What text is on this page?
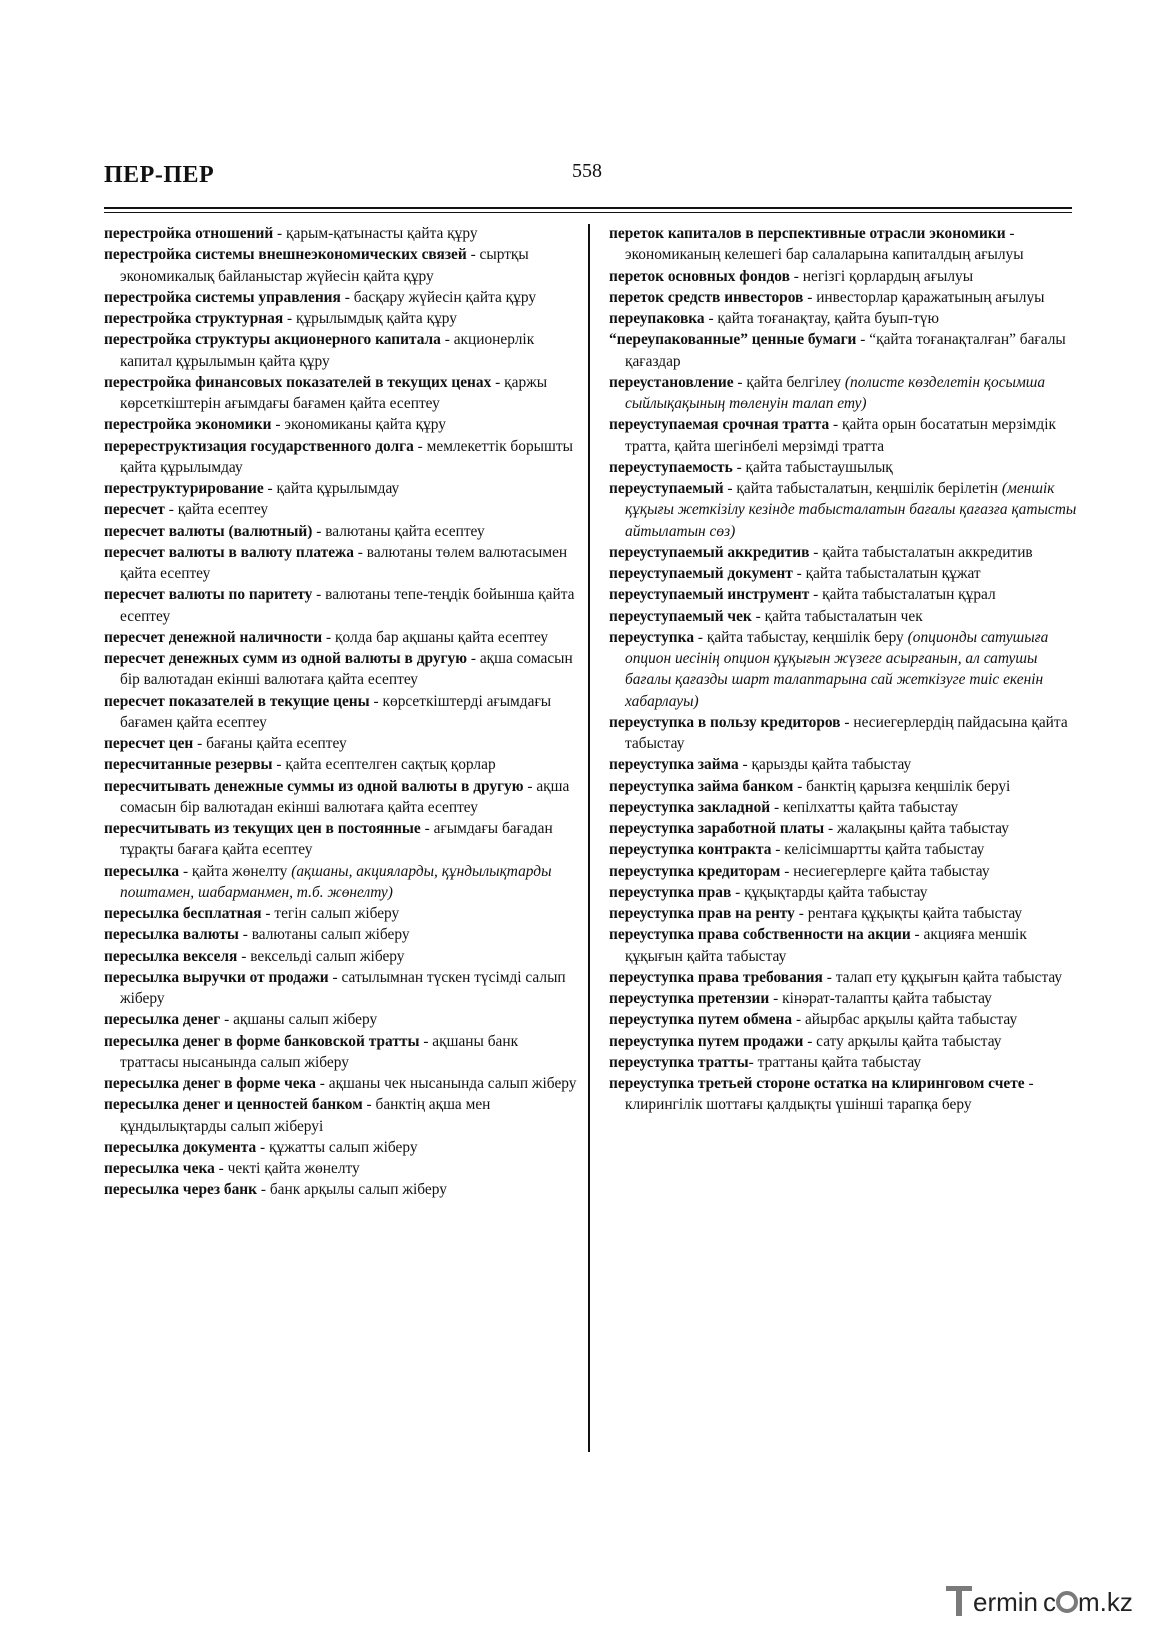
ПЕР-ПЕР	558

перестройка отношений - қарым-қатынасты қайта құру

перестройка системы внешнеэкономических связей - сыртқы экономикалық байланыстар жүйесін қайта құру

перестройка системы управления - басқару жүйесін қайта құру

перестройка структурная - құрылымдық қайта құру

перестройка структуры акционерного капитала - акционерлік капитал құрылымын қайта құру

перестройка финансовых показателей в текущих ценах - қаржы көрсеткіштерін ағымдағы бағамен қайта есептеу

перестройка экономики - экономиканы қайта құру

перереструктизация государственного долга - мемлекеттік борышты қайта құрылымдау

переструктурирование - қайта құрылымдау

пересчет - қайта есептеу

пересчет валюты (валютный) - валютаны қайта есептеу

пересчет валюты в валюту платежа - валютаны төлем валютасымен қайта есептеу

пересчет валюты по паритету - валютаны тепе-теңдік бойынша қайта есептеу

пересчет денежной наличности - қолда бар ақшаны қайта есептеу

пересчет денежных сумм из одной валюты в другую - ақша сомасын бір валютадан екінші валютаға қайта есептеу

пересчет показателей в текущие цены - көрсеткіштерді ағымдағы бағамен қайта есептеу

пересчет цен - бағаны қайта есептеу

пересчитанные резервы - қайта есептелген сақтық қорлар

пересчитывать денежные суммы из одной валюты в другую - ақша сомасын бір валютадан екінші валютаға қайта есептеу

пересчитывать из текущих цен в постоянные - ағымдағы бағадан тұрақты бағаға қайта есептеу

пересылка - қайта жөнелту (ақшаны, акцияларды, құндылықтарды поштамен, шабарманмен, т.б. жөнелту)

пересылка бесплатная - тегін салып жіберу

пересылка валюты - валютаны салып жіберу

пересылка векселя - вексельді салып жіберу

пересылка выручки от продажи - сатылымнан түскен түсімді салып жіберу

пересылка денег - ақшаны салып жіберу

пересылка денег в форме банковской тратты - ақшаны банк траттасы нысанында салып жіберу

пересылка денег в форме чека - ақшаны чек нысанында салып жіберу

пересылка денег и ценностей банком - банктің ақша мен құндылықтарды салып жіберуі

пересылка документа - құжатты салып жіберу

пересылка чека - чекті қайта жөнелту

пересылка через банк - банк арқылы салып жіберу

переток капиталов в перспективные отрасли экономики - экономиканың келешегі бар салаларына капиталдың ағылуы

переток основных фондов - негізгі қорлардың ағылуы

переток средств инвесторов - инвесторлар қаражатының ағылуы

переупаковка - қайта тоғанақтау, қайта буып-түю

“переупакованные” ценные бумаги - “қайта тоғанақталған” бағалы қағаздар

переустановление - қайта белгілеу (полисте көзделетін қосымша сыйлықақының төленуін талап ету)

переуступаемая срочная тратта - қайта орын босататын мерзімдік тратта, қайта шегінбелі мерзімді тратта

переуступаемость - қайта табыстаушылық

переуступаемый - қайта табысталатын, кеңшілік берілетін (меншік құқығы жеткізілу кезінде табысталатын бағалы қағазға қатысты айтылатын сөз)

переуступаемый аккредитив - қайта табысталатын аккредитив

переуступаемый документ - қайта табысталатын құжат

переуступаемый инструмент - қайта табысталатын құрал

переуступаемый чек - қайта табысталатын чек

переуступка - қайта табыстау, кеңшілік беру (опционды сатушыға опцион иесінің опцион құқығын жүзеге асырғанын, ал сатушы бағалы қағазды шарт талаптарына сай жеткізуге тиіс екенін хабарлауы)

переуступка в пользу кредиторов - несиегерлердің пайдасына қайта табыстау

переуступка займа - қарызды қайта табыстау

переуступка займа банком - банктің қарызға кеңшілік беруі

переуступка закладной - кепілхатты қайта табыстау

переуступка заработной платы - жалақыны қайта табыстау

переуступка контракта - келісімшартты қайта табыстау

переуступка кредиторам - несиегерлерге қайта табыстау

переуступка прав - құқықтарды қайта табыстау

переуступка прав на ренту - рентаға құқықты қайта табыстау

переуступка права собственности на акции - акцияға меншік құқығын қайта табыстау

переуступка права требования - талап ету құқығын қайта табыстау

переуступка претензии - кінәрат-талапты қайта табыстау

переуступка путем обмена - айырбас арқылы қайта табыстау

переуступка путем продажи - сату арқылы қайта табыстау

переуступка тратты- траттаны қайта табыстау

переуступка третьей стороне остатка на клиринговом счете - клирингілік шоттағы қалдықты үшінші тарапқа беру

ermin c m.kz
